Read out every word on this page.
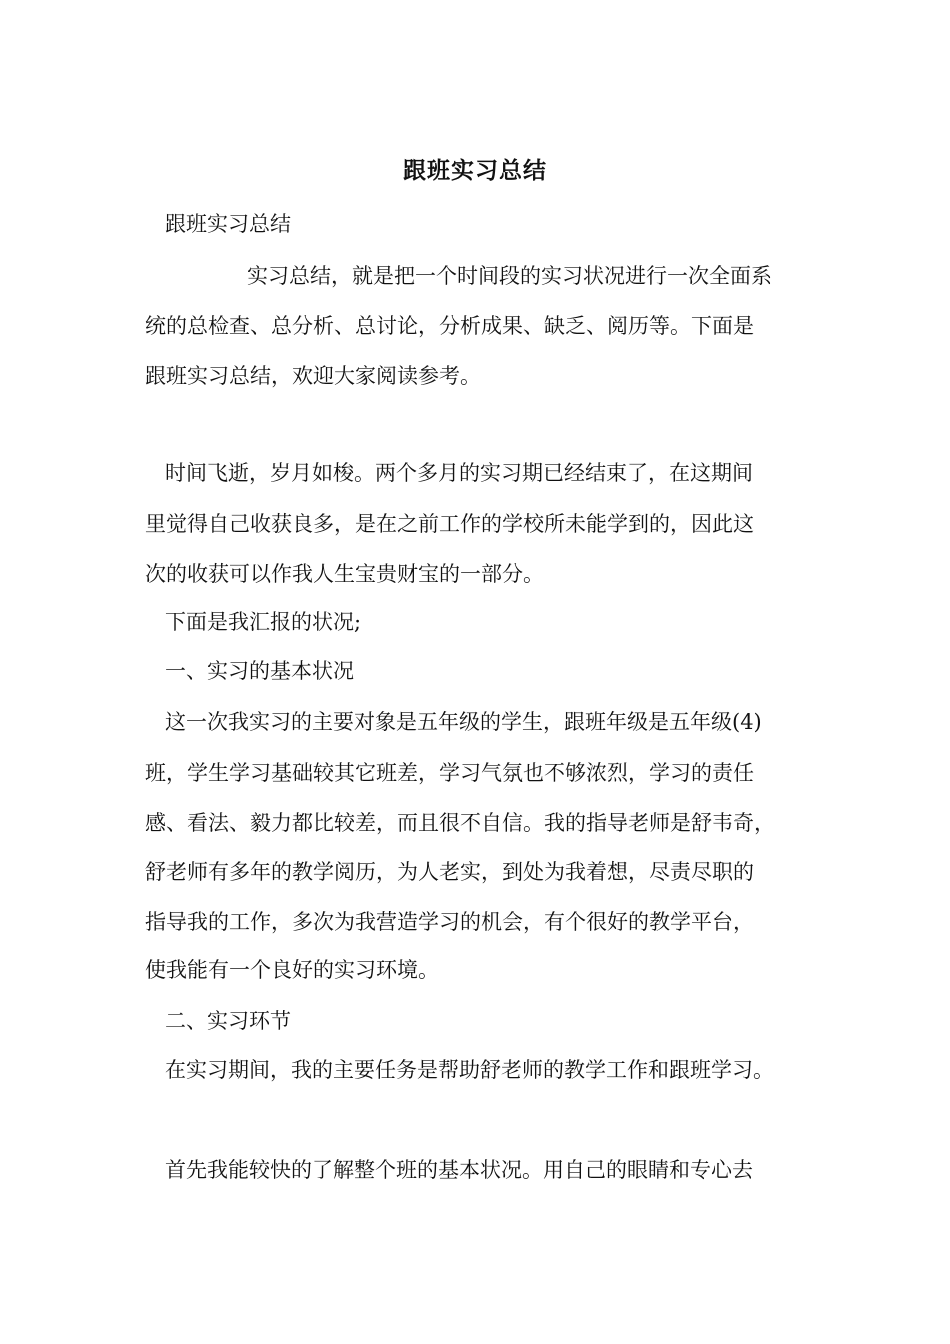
跟班实习总结
跟班实习总结
实习总结，就是把一个时间段的实习状况进行一次全面系
统的总检查、总分析、总讨论，分析成果、缺乏、阅历等。下面是
跟班实习总结，欢迎大家阅读参考。
时间飞逝，岁月如梭。两个多月的实习期已经结束了，在这期间
里觉得自己收获良多，是在之前工作的学校所未能学到的，因此这
次的收获可以作我人生宝贵财宝的一部分。
下面是我汇报的状况;
一、实习的基本状况
这一次我实习的主要对象是五年级的学生，跟班年级是五年级(4)
班，学生学习基础较其它班差，学习气氛也不够浓烈，学习的责任
感、看法、毅力都比较差，而且很不自信。我的指导老师是舒韦奇，
舒老师有多年的教学阅历，为人老实，到处为我着想，尽责尽职的
指导我的工作，多次为我营造学习的机会，有个很好的教学平台，
使我能有一个良好的实习环境。
二、实习环节
在实习期间，我的主要任务是帮助舒老师的教学工作和跟班学习。
首先我能较快的了解整个班的基本状况。用自己的眼睛和专心去
